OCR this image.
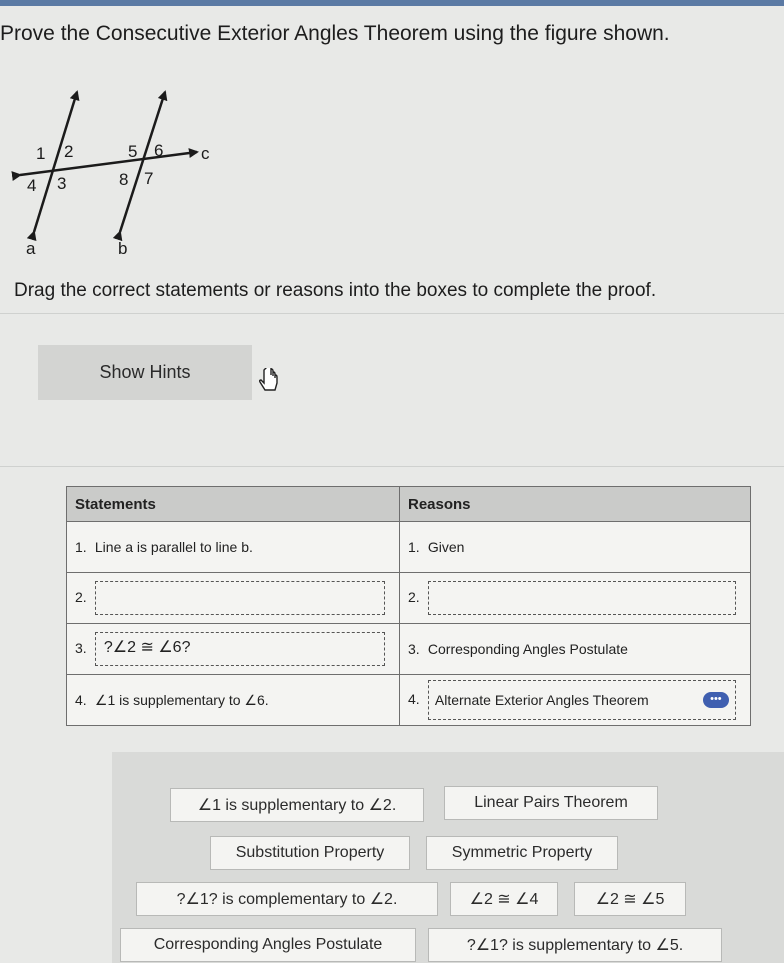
Prove the Consecutive Exterior Angles Theorem using the figure shown.
1 2
4 3
5 6
8 7
c
a	b
Drag the correct statements or reasons into the boxes to complete the proof.
Show Hints
Statements	Reasons
1. Line a is parallel to line b.	1. Given
2.	2.
3. ?∠2 ≅ ∠6?	3. Corresponding Angles Postulate
4. ∠1 is supplementary to ∠6.	4. Alternate Exterior Angles Theorem •••
∠1 is supplementary to ∠2.	Linear Pairs Theorem
Substitution Property	Symmetric Property
?∠1? is complementary to ∠2.	∠2 ≅ ∠4	∠2 ≅ ∠5
Corresponding Angles Postulate	?∠1? is supplementary to ∠5.
